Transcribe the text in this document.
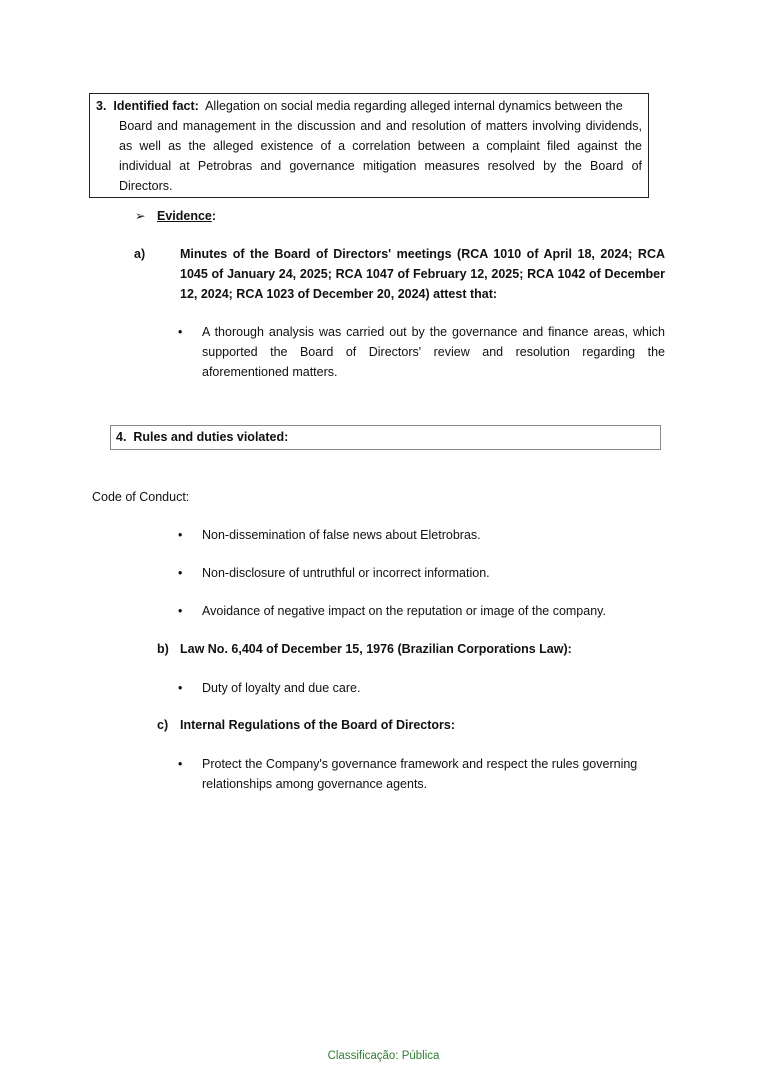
3. Identified fact: Allegation on social media regarding alleged internal dynamics between the
Board and management in the discussion and and resolution of matters involving dividends, as well as the alleged existence of a correlation between a complaint filed against the individual at Petrobras and governance mitigation measures resolved by the Board of Directors.
➢ Evidence:
a)	Minutes of the Board of Directors' meetings (RCA 1010 of April 18, 2024; RCA 1045 of January 24, 2025; RCA 1047 of February 12, 2025; RCA 1042 of December 12, 2024; RCA 1023 of December 20, 2024) attest that:
•	A thorough analysis was carried out by the governance and finance areas, which supported the Board of Directors' review and resolution regarding the aforementioned matters.
4. Rules and duties violated:
Code of Conduct:
•	Non-dissemination of false news about Eletrobras.
•	Non-disclosure of untruthful or incorrect information.
•	Avoidance of negative impact on the reputation or image of the company.
b) Law No. 6,404 of December 15, 1976 (Brazilian Corporations Law):
•	Duty of loyalty and due care.
c) Internal Regulations of the Board of Directors:
•	Protect the Company's governance framework and respect the rules governing relationships among governance agents.
Classificação: Pública
